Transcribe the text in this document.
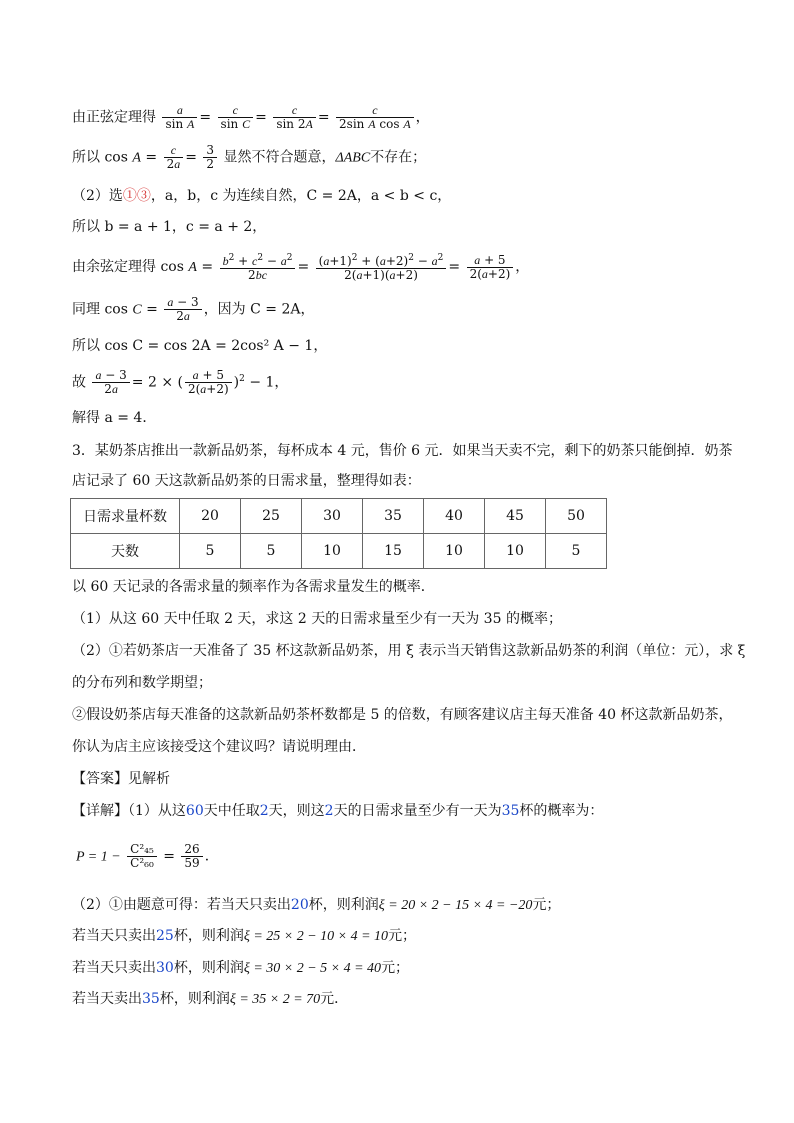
由正弦定理得 $\frac{a}{\text{sin A}} = \frac{c}{\text{sin C}} = \frac{c}{\sin 2A} = \frac{c}{\text{2sin A cos A}}$ ，
所以 $\cos A = \frac{c}{2a} = \frac{3}{2}$ 显然不符合题意，ΔABC不存在；
（2）选①③，a，b，c 为连续自然，C = 2A，a < b < c，
所以 b = a + 1，c = a + 2，
由余弦定理得 $\cos A = \frac{b^2 + c^2 - a^2}{2bc} = \frac{(a+1)^2 + (a+2)^2 - a^2}{2(a+1)(a+2)} = \frac{a + 5}{2(a+2)}$ ，
同理 $\cos C = \frac{a - 3}{2a}$ ，因为 C = 2A，
所以 cos C = cos 2A = 2cos² A − 1，
故 $\frac{a - 3}{2a} = 2$ × ( $\frac{a + 5}{2(a+2)} )^2 - 1$，
解得 a = 4．
3．某奶茶店推出一款新品奶茶，每杯成本 4 元，售价 6 元．如果当天卖不完，剩下的奶茶只能倒掉．奶茶
店记录了 60 天这款新品奶茶的日需求量，整理得如表：
日需求量杯数	20	25	30	35	40	45	50
天数	5	5	10	15	10	10	5
以 60 天记录的各需求量的频率作为各需求量发生的概率．
（1）从这 60 天中任取 2 天，求这 2 天的日需求量至少有一天为 35 的概率；
（2）①若奶茶店一天准备了 35 杯这款新品奶茶，用 ξ 表示当天销售这款新品奶茶的利润（单位：元），求 ξ
的分布列和数学期望；
②假设奶茶店每天准备的这款新品奶茶杯数都是 5 的倍数，有顾客建议店主每天准备 40 杯这款新品奶茶，
你认为店主应该接受这个建议吗？请说明理由．
【答案】见解析
【详解】（1）从这60天中任取2天，则这2天的日需求量至少有一天为35杯的概率为：
$P = 1 - \frac{\text{C²₄₅}}{\text{C²₆₀}} = \frac{26}{59}$ ．
（2）①由题意可得：若当天只卖出20杯，则利润ξ = 20 × 2 − 15 × 4 = −20元；
若当天只卖出25杯，则利润ξ = 25 × 2 − 10 × 4 = 10元；
若当天只卖出30杯，则利润ξ = 30 × 2 − 5 × 4 = 40元；
若当天卖出35杯，则利润ξ = 35 × 2 = 70元．
